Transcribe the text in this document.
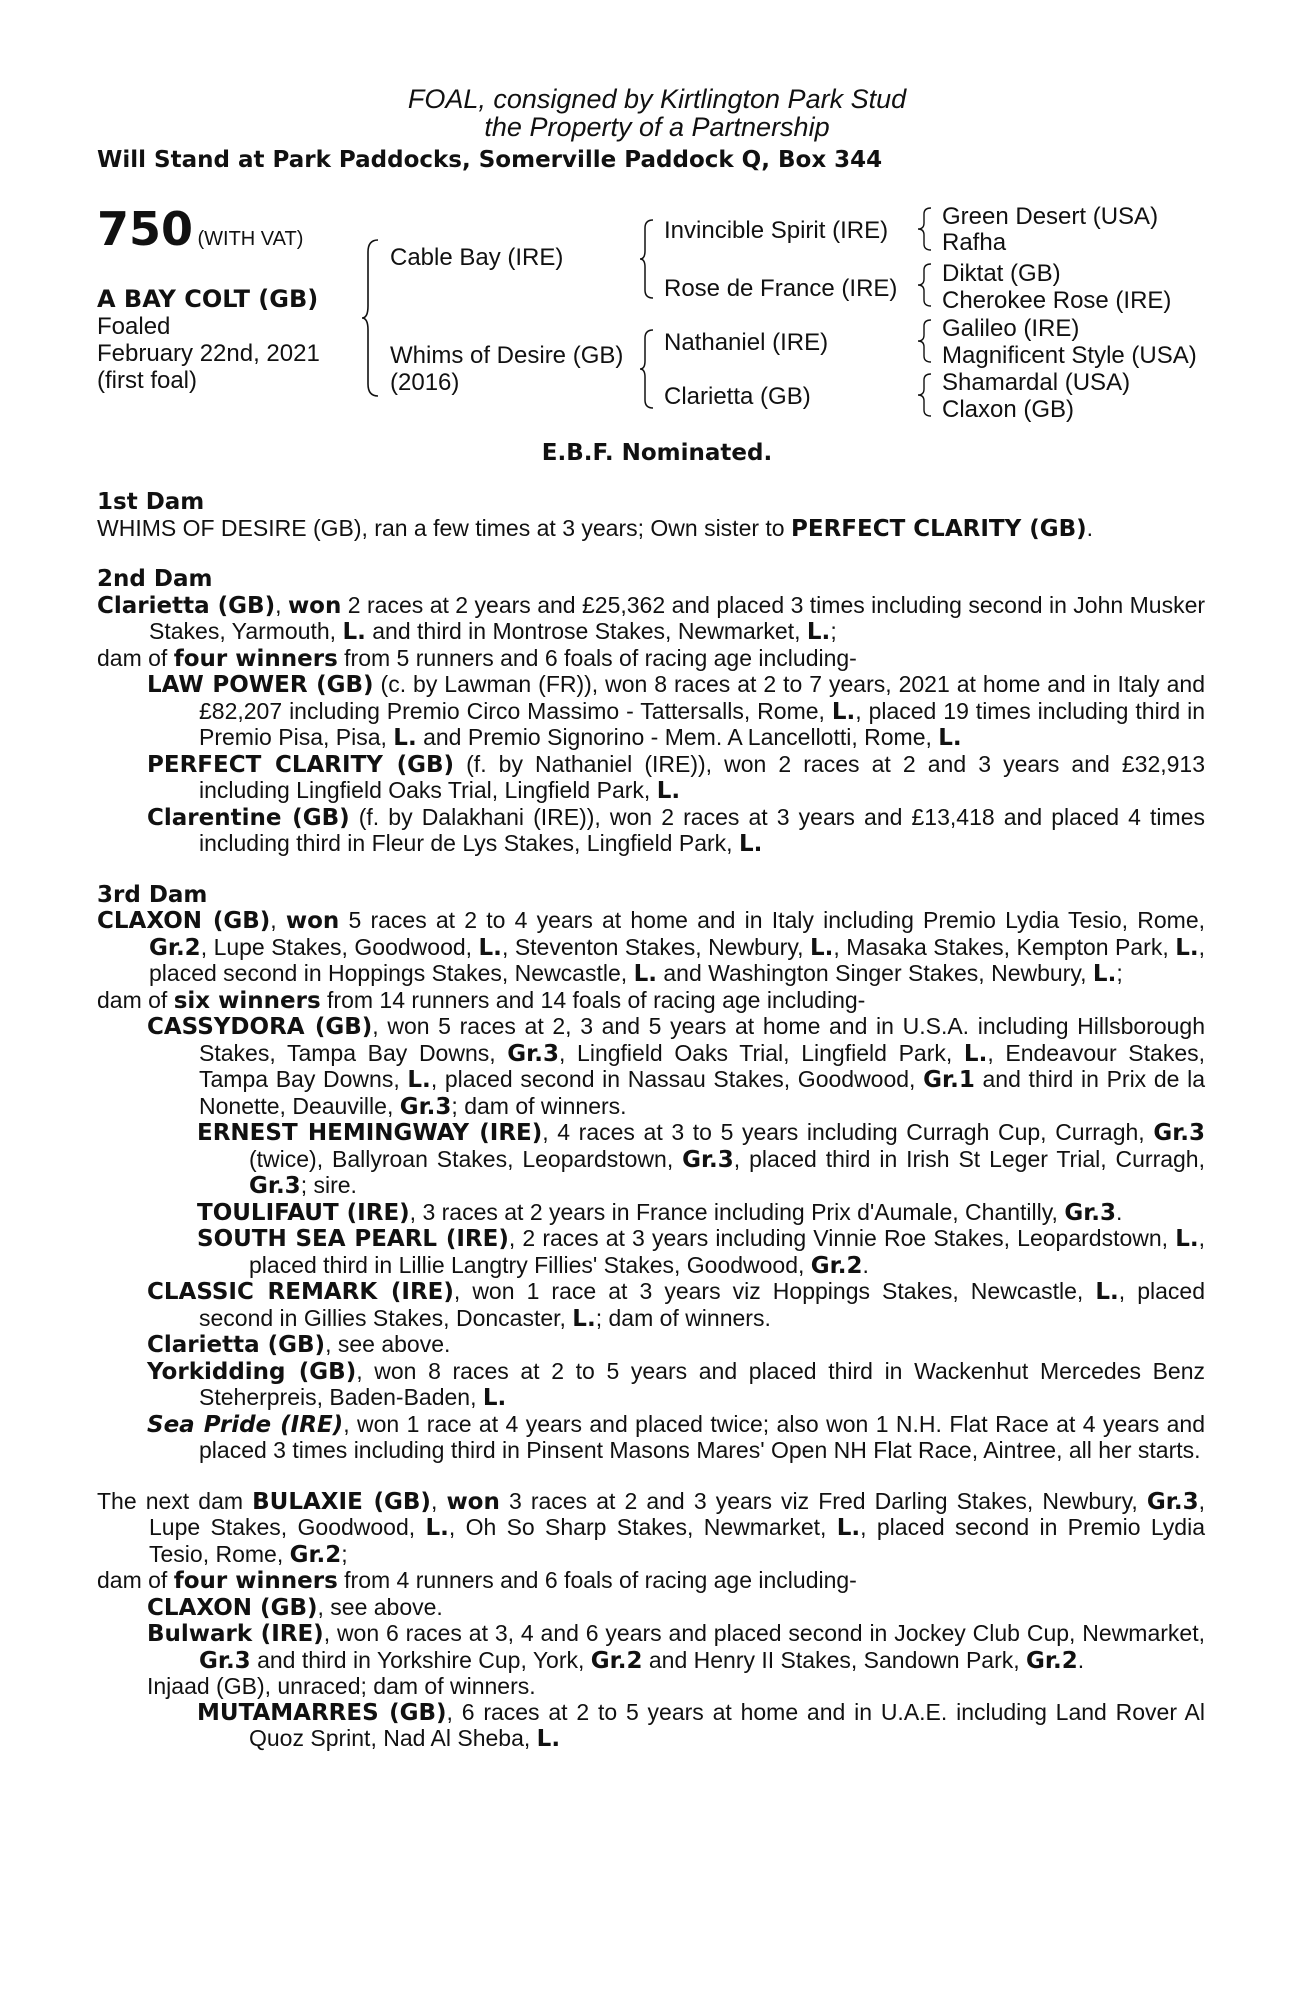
FOAL, consigned by Kirtlington Park Stud
the Property of a Partnership
Will Stand at Park Paddocks, Somerville Paddock Q, Box 344
750 (WITH VAT)
A BAY COLT (GB)
Foaled
February 22nd, 2021
(first foal)
Cable Bay (IRE)
Whims of Desire (GB)
(2016)
Invincible Spirit (IRE)
Rose de France (IRE)
Nathaniel (IRE)
Clarietta (GB)
Green Desert (USA)
Rafha
Diktat (GB)
Cherokee Rose (IRE)
Galileo (IRE)
Magnificent Style (USA)
Shamardal (USA)
Claxon (GB)
E.B.F. Nominated.

1st Dam

WHIMS OF DESIRE (GB), ran a few times at 3 years; Own sister to PERFECT CLARITY (GB).

2nd Dam

Clarietta (GB), won 2 races at 2 years and £25,362 and placed 3 times including second in John Musker Stakes, Yarmouth, L. and third in Montrose Stakes, Newmarket, L.;

dam of four winners from 5 runners and 6 foals of racing age including-

LAW POWER (GB) (c. by Lawman (FR)), won 8 races at 2 to 7 years, 2021 at home and in Italy and £82,207 including Premio Circo Massimo - Tattersalls, Rome, L., placed 19 times including third in Premio Pisa, Pisa, L. and Premio Signorino - Mem. A Lancellotti, Rome, L.

PERFECT CLARITY (GB) (f. by Nathaniel (IRE)), won 2 races at 2 and 3 years and £32,913 including Lingfield Oaks Trial, Lingfield Park, L.

Clarentine (GB) (f. by Dalakhani (IRE)), won 2 races at 3 years and £13,418 and placed 4 times including third in Fleur de Lys Stakes, Lingfield Park, L.

3rd Dam

CLAXON (GB), won 5 races at 2 to 4 years at home and in Italy including Premio Lydia Tesio, Rome, Gr.2, Lupe Stakes, Goodwood, L., Steventon Stakes, Newbury, L., Masaka Stakes, Kempton Park, L., placed second in Hoppings Stakes, Newcastle, L. and Washington Singer Stakes, Newbury, L.;

dam of six winners from 14 runners and 14 foals of racing age including-

CASSYDORA (GB), won 5 races at 2, 3 and 5 years at home and in U.S.A. including Hillsborough Stakes, Tampa Bay Downs, Gr.3, Lingfield Oaks Trial, Lingfield Park, L., Endeavour Stakes, Tampa Bay Downs, L., placed second in Nassau Stakes, Goodwood, Gr.1 and third in Prix de la Nonette, Deauville, Gr.3; dam of winners.

ERNEST HEMINGWAY (IRE), 4 races at 3 to 5 years including Curragh Cup, Curragh, Gr.3 (twice), Ballyroan Stakes, Leopardstown, Gr.3, placed third in Irish St Leger Trial, Curragh, Gr.3; sire.

TOULIFAUT (IRE), 3 races at 2 years in France including Prix d'Aumale, Chantilly, Gr.3.

SOUTH SEA PEARL (IRE), 2 races at 3 years including Vinnie Roe Stakes, Leopardstown, L., placed third in Lillie Langtry Fillies' Stakes, Goodwood, Gr.2.

CLASSIC REMARK (IRE), won 1 race at 3 years viz Hoppings Stakes, Newcastle, L., placed second in Gillies Stakes, Doncaster, L.; dam of winners.

Clarietta (GB), see above.

Yorkidding (GB), won 8 races at 2 to 5 years and placed third in Wackenhut Mercedes Benz Steherpreis, Baden-Baden, L.

Sea Pride (IRE), won 1 race at 4 years and placed twice; also won 1 N.H. Flat Race at 4 years and placed 3 times including third in Pinsent Masons Mares' Open NH Flat Race, Aintree, all her starts.

The next dam BULAXIE (GB), won 3 races at 2 and 3 years viz Fred Darling Stakes, Newbury, Gr.3, Lupe Stakes, Goodwood, L., Oh So Sharp Stakes, Newmarket, L., placed second in Premio Lydia Tesio, Rome, Gr.2;

dam of four winners from 4 runners and 6 foals of racing age including-

CLAXON (GB), see above.

Bulwark (IRE), won 6 races at 3, 4 and 6 years and placed second in Jockey Club Cup, Newmarket, Gr.3 and third in Yorkshire Cup, York, Gr.2 and Henry II Stakes, Sandown Park, Gr.2.

Injaad (GB), unraced; dam of winners.

MUTAMARRES (GB), 6 races at 2 to 5 years at home and in U.A.E. including Land Rover Al Quoz Sprint, Nad Al Sheba, L.
